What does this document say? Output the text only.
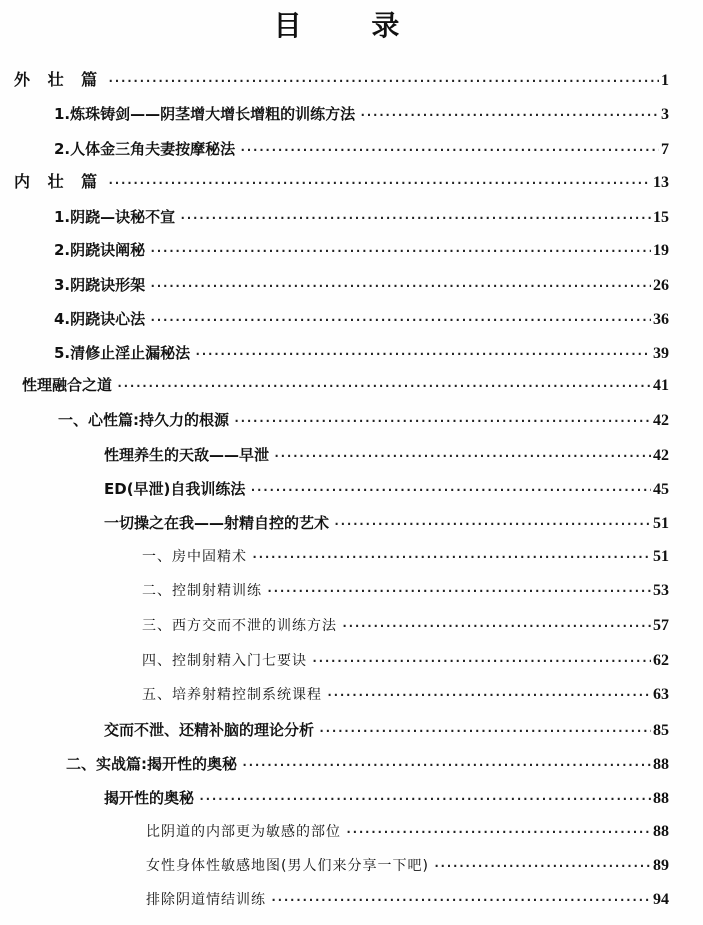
目 录
外 壮 篇 ·····	1
1.炼珠铸剑——阴茎增大增长增粗的训练方法 ·····	3
2.人体金三角夫妻按摩秘法 ·····	7
内 壮 篇 ·····	13
1.阴跷—诀秘不宣 ·····	15
2.阴跷诀阐秘 ·····	19
3.阴跷诀形架 ·····	26
4.阴跷诀心法 ·····	36
5.清修止淫止漏秘法 ·····	39
性理融合之道 ·····	41
一、心性篇:持久力的根源 ·····	42
性理养生的天敌——早泄 ·····	42
ED(早泄)自我训练法 ·····	45
一切操之在我——射精自控的艺术 ·····	51
一、房中固精术 ·····	51
二、控制射精训练 ·····	53
三、西方交而不泄的训练方法 ·····	57
四、控制射精入门七要诀 ·····	62
五、培养射精控制系统课程 ·····	63
交而不泄、还精补脑的理论分析 ·····	85
二、实战篇:揭开性的奥秘 ·····	88
揭开性的奥秘 ·····	88
比阴道的内部更为敏感的部位 ·····	88
女性身体性敏感地图(男人们来分享一下吧) ·····	89
排除阴道情结训练 ·····	94
